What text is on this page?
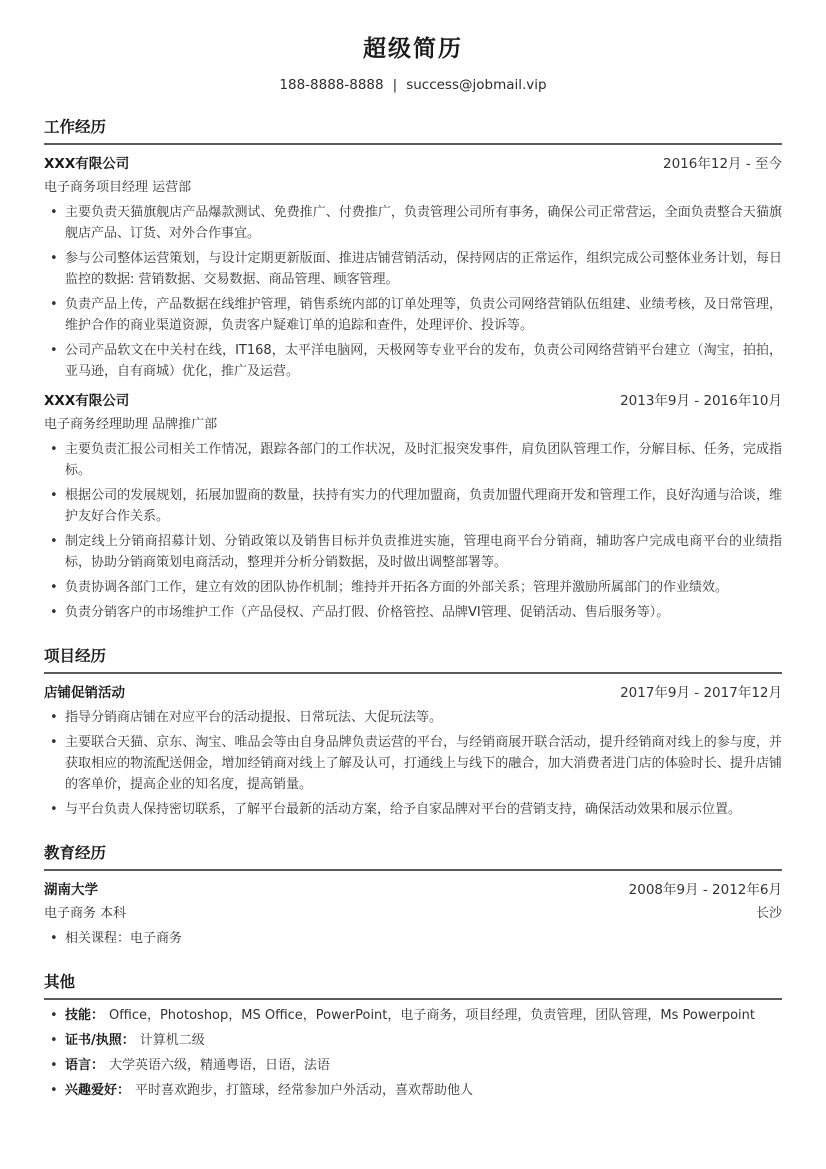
超级简历
188-8888-8888 | success@jobmail.vip
工作经历
XXX有限公司	2016年12月 - 至今
电子商务项目经理 运营部
• 主要负责天猫旗舰店产品爆款测试、免费推广、付费推广，负责管理公司所有事务，确保公司正常营运，全面负责整合天猫旗舰店产品、订货、对外合作事宜。
• 参与公司整体运营策划，与设计定期更新版面、推进店铺营销活动，保持网店的正常运作，组织完成公司整体业务计划，每日监控的数据: 营销数据、交易数据、商品管理、顾客管理。
• 负责产品上传，产品数据在线维护管理，销售系统内部的订单处理等，负责公司网络营销队伍组建、业绩考核，及日常管理，维护合作的商业渠道资源，负责客户疑难订单的追踪和查件，处理评价、投诉等。
• 公司产品软文在中关村在线，IT168，太平洋电脑网，天极网等专业平台的发布，负责公司网络营销平台建立（淘宝，拍拍，亚马逊，自有商城）优化，推广及运营。
XXX有限公司	2013年9月 - 2016年10月
电子商务经理助理 品牌推广部
• 主要负责汇报公司相关工作情况，跟踪各部门的工作状况，及时汇报突发事件，肩负团队管理工作，分解目标、任务，完成指标。
• 根据公司的发展规划，拓展加盟商的数量，扶持有实力的代理加盟商，负责加盟代理商开发和管理工作，良好沟通与洽谈，维护友好合作关系。
• 制定线上分销商招募计划、分销政策以及销售目标并负责推进实施，管理电商平台分销商，辅助客户完成电商平台的业绩指标，协助分销商策划电商活动，整理并分析分销数据，及时做出调整部署等。
• 负责协调各部门工作，建立有效的团队协作机制；维持并开拓各方面的外部关系；管理并激励所属部门的作业绩效。
• 负责分销客户的市场维护工作（产品侵权、产品打假、价格管控、品牌VI管理、促销活动、售后服务等）。
项目经历
店铺促销活动	2017年9月 - 2017年12月
• 指导分销商店铺在对应平台的活动提报、日常玩法、大促玩法等。
• 主要联合天猫、京东、淘宝、唯品会等由自身品牌负责运营的平台，与经销商展开联合活动，提升经销商对线上的参与度，并获取相应的物流配送佣金，增加经销商对线上了解及认可，打通线上与线下的融合，加大消费者进门店的体验时长、提升店铺的客单价，提高企业的知名度，提高销量。
• 与平台负责人保持密切联系，了解平台最新的活动方案，给予自家品牌对平台的营销支持，确保活动效果和展示位置。
教育经历
湖南大学	2008年9月 - 2012年6月
电子商务 本科	长沙
• 相关课程：电子商务
其他
• 技能： Office，Photoshop，MS Office，PowerPoint，电子商务，项目经理，负责管理，团队管理，Ms Powerpoint
• 证书/执照： 计算机二级
• 语言： 大学英语六级，精通粤语，日语，法语
• 兴趣爱好： 平时喜欢跑步，打篮球，经常参加户外活动，喜欢帮助他人
